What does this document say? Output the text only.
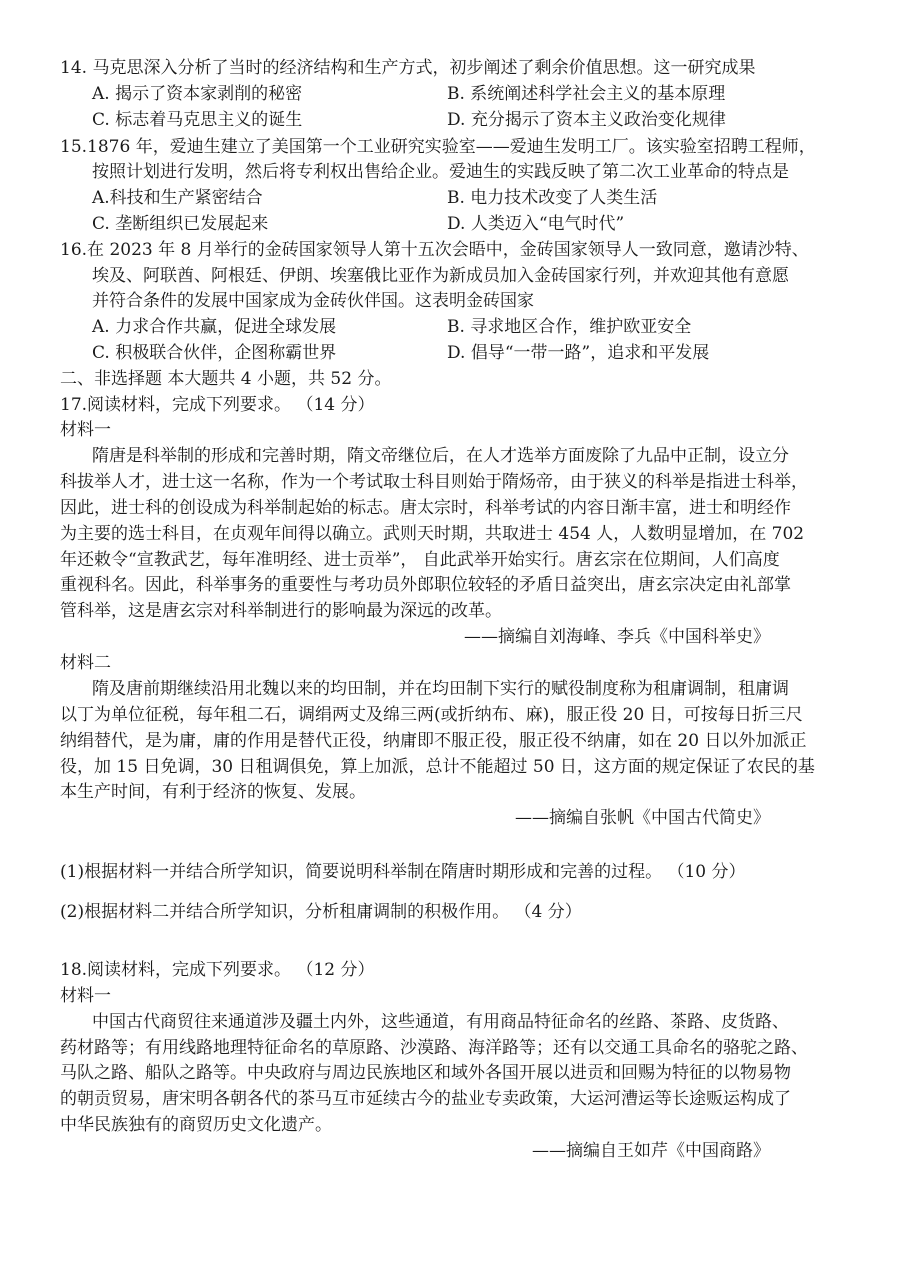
14. 马克思深入分析了当时的经济结构和生产方式，初步阐述了剩余价值思想。这一研究成果
A. 揭示了资本家剥削的秘密	B. 系统阐述科学社会主义的基本原理
C. 标志着马克思主义的诞生	D. 充分揭示了资本主义政治变化规律
15.1876 年，爱迪生建立了美国第一个工业研究实验室——爱迪生发明工厂。该实验室招聘工程师，
按照计划进行发明，然后将专利权出售给企业。爱迪生的实践反映了第二次工业革命的特点是
A.科技和生产紧密结合	B. 电力技术改变了人类生活
C. 垄断组织已发展起来	D. 人类迈入“电气时代”
16.在 2023 年 8 月举行的金砖国家领导人第十五次会晤中，金砖国家领导人一致同意，邀请沙特、
埃及、阿联酋、阿根廷、伊朗、埃塞俄比亚作为新成员加入金砖国家行列，并欢迎其他有意愿
并符合条件的发展中国家成为金砖伙伴国。这表明金砖国家
A. 力求合作共赢，促进全球发展	B. 寻求地区合作，维护欧亚安全
C. 积极联合伙伴，企图称霸世界	D. 倡导“一带一路”，追求和平发展
二、非选择题 本大题共 4 小题，共 52 分。
17.阅读材料，完成下列要求。 （14 分）
材料一
隋唐是科举制的形成和完善时期，隋文帝继位后，在人才选举方面废除了九品中正制，设立分
科拔举人才，进士这一名称，作为一个考试取士科目则始于隋炀帝，由于狭义的科举是指进士科举，
因此，进士科的创设成为科举制起始的标志。唐太宗时，科举考试的内容日渐丰富，进士和明经作
为主要的选士科目，在贞观年间得以确立。武则天时期，共取进士 454 人，人数明显增加，在 702
年还敕令“宣教武艺，每年准明经、进士贡举”， 自此武举开始实行。唐玄宗在位期间，人们高度
重视科名。因此，科举事务的重要性与考功员外郎职位较轻的矛盾日益突出，唐玄宗决定由礼部掌
管科举，这是唐玄宗对科举制进行的影响最为深远的改革。
——摘编自刘海峰、李兵《中国科举史》
材料二
隋及唐前期继续沿用北魏以来的均田制，并在均田制下实行的赋役制度称为租庸调制，租庸调
以丁为单位征税，每年租二石，调绢两丈及绵三两(或折纳布、麻)，服正役 20 日，可按每日折三尺
纳绢替代，是为庸，庸的作用是替代正役，纳庸即不服正役，服正役不纳庸，如在 20 日以外加派正
役，加 15 日免调，30 日租调俱免，算上加派，总计不能超过 50 日，这方面的规定保证了农民的基
本生产时间，有利于经济的恢复、发展。
——摘编自张帆《中国古代简史》
(1)根据材料一并结合所学知识，简要说明科举制在隋唐时期形成和完善的过程。 （10 分）
(2)根据材料二并结合所学知识，分析租庸调制的积极作用。 （4 分）
18.阅读材料，完成下列要求。 （12 分）
材料一
中国古代商贸往来通道涉及疆土内外，这些通道，有用商品特征命名的丝路、茶路、皮货路、
药材路等；有用线路地理特征命名的草原路、沙漠路、海洋路等；还有以交通工具命名的骆驼之路、
马队之路、船队之路等。中央政府与周边民族地区和域外各国开展以进贡和回赐为特征的以物易物
的朝贡贸易，唐宋明各朝各代的茶马互市延续古今的盐业专卖政策，大运河漕运等长途贩运构成了
中华民族独有的商贸历史文化遗产。
——摘编自王如芹《中国商路》
